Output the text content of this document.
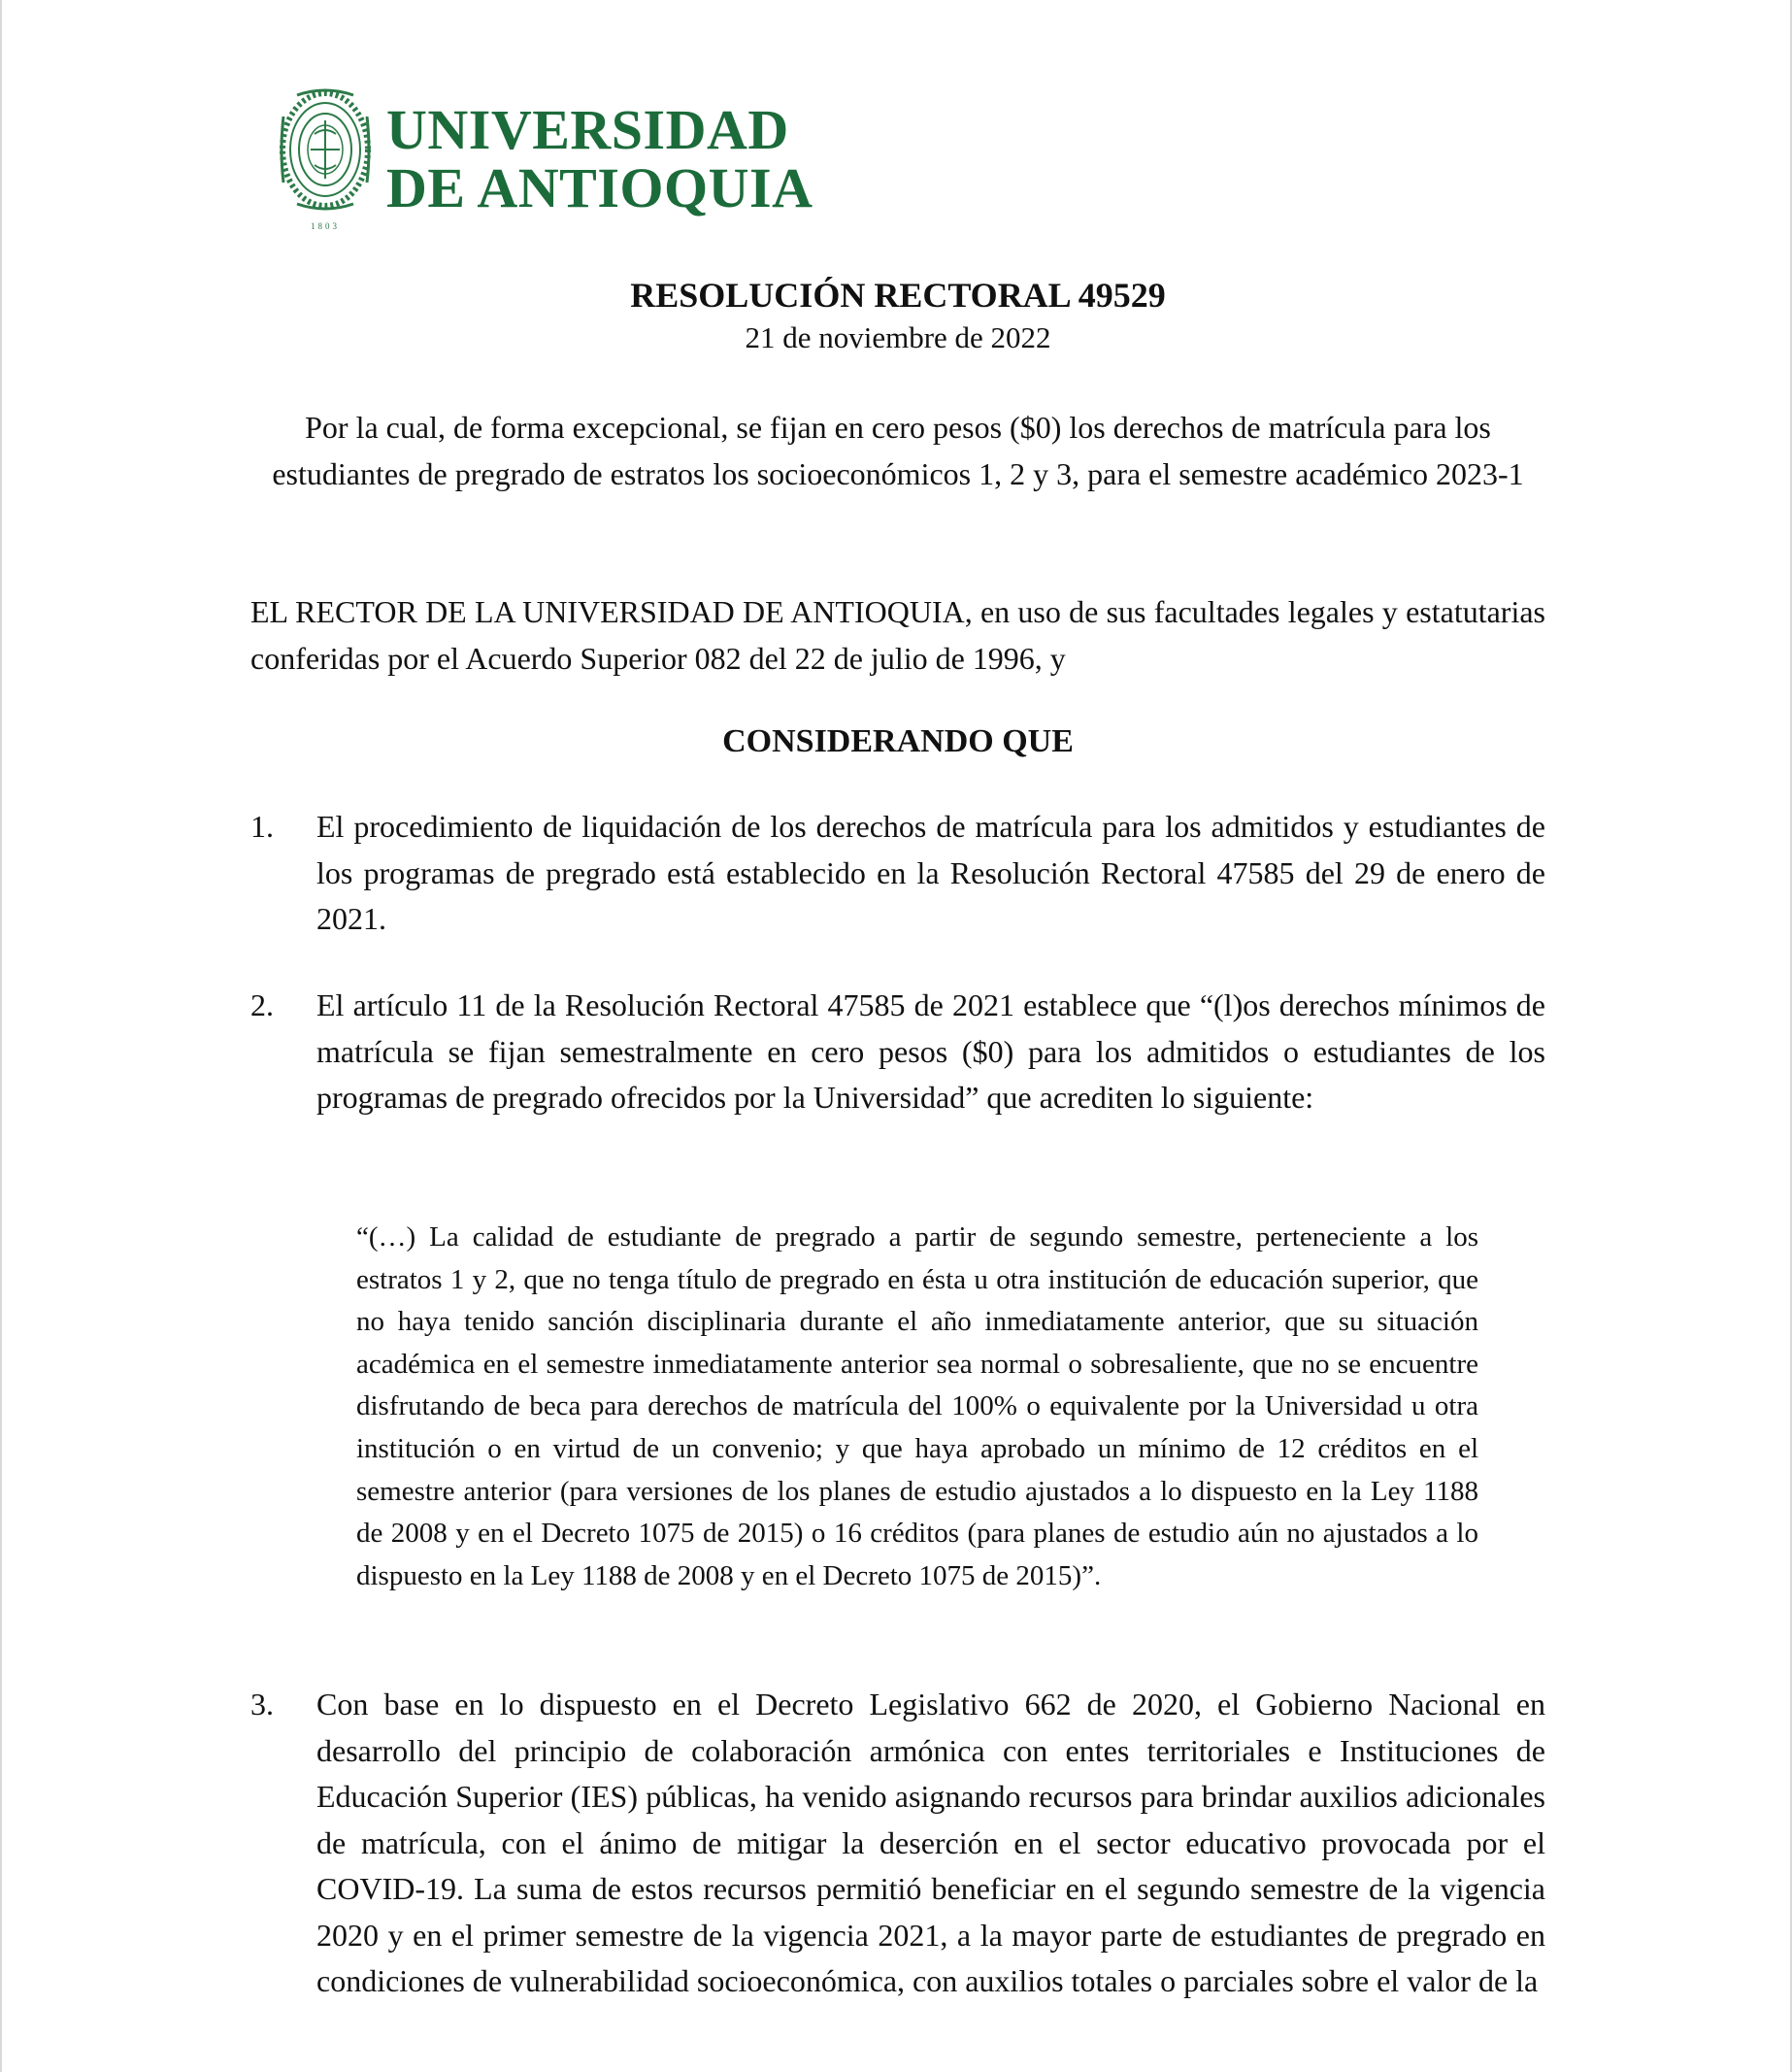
1803
UNIVERSIDAD
DE ANTIOQUIA
RESOLUCIÓN RECTORAL 49529
21 de noviembre de 2022
Por la cual, de forma excepcional, se fijan en cero pesos ($0) los derechos de matrícula para los estudiantes de pregrado de estratos los socioeconómicos 1, 2 y 3, para el semestre académico 2023-1
EL RECTOR DE LA UNIVERSIDAD DE ANTIOQUIA, en uso de sus facultades legales y estatutarias conferidas por el Acuerdo Superior 082 del 22 de julio de 1996, y
CONSIDERANDO QUE
1.	El procedimiento de liquidación de los derechos de matrícula para los admitidos y estudiantes de los programas de pregrado está establecido en la Resolución Rectoral 47585 del 29 de enero de 2021.
2.	El artículo 11 de la Resolución Rectoral 47585 de 2021 establece que “(l)os derechos mínimos de matrícula se fijan semestralmente en cero pesos ($0) para los admitidos o estudiantes de los programas de pregrado ofrecidos por la Universidad” que acrediten lo siguiente:
“(…) La calidad de estudiante de pregrado a partir de segundo semestre, perteneciente a los estratos 1 y 2, que no tenga título de pregrado en ésta u otra institución de educación superior, que no haya tenido sanción disciplinaria durante el año inmediatamente anterior, que su situación académica en el semestre inmediatamente anterior sea normal o sobresaliente, que no se encuentre disfrutando de beca para derechos de matrícula del 100% o equivalente por la Universidad u otra institución o en virtud de un convenio; y que haya aprobado un mínimo de 12 créditos en el semestre anterior (para versiones de los planes de estudio ajustados a lo dispuesto en la Ley 1188 de 2008 y en el Decreto 1075 de 2015) o 16 créditos (para planes de estudio aún no ajustados a lo dispuesto en la Ley 1188 de 2008 y en el Decreto 1075 de 2015)”.
3.	Con base en lo dispuesto en el Decreto Legislativo 662 de 2020, el Gobierno Nacional en desarrollo del principio de colaboración armónica con entes territoriales e Instituciones de Educación Superior (IES) públicas, ha venido asignando recursos para brindar auxilios adicionales de matrícula, con el ánimo de mitigar la deserción en el sector educativo provocada por el COVID-19. La suma de estos recursos permitió beneficiar en el segundo semestre de la vigencia 2020 y en el primer semestre de la vigencia 2021, a la mayor parte de estudiantes de pregrado en condiciones de vulnerabilidad socioeconómica, con auxilios totales o parciales sobre el valor de la
